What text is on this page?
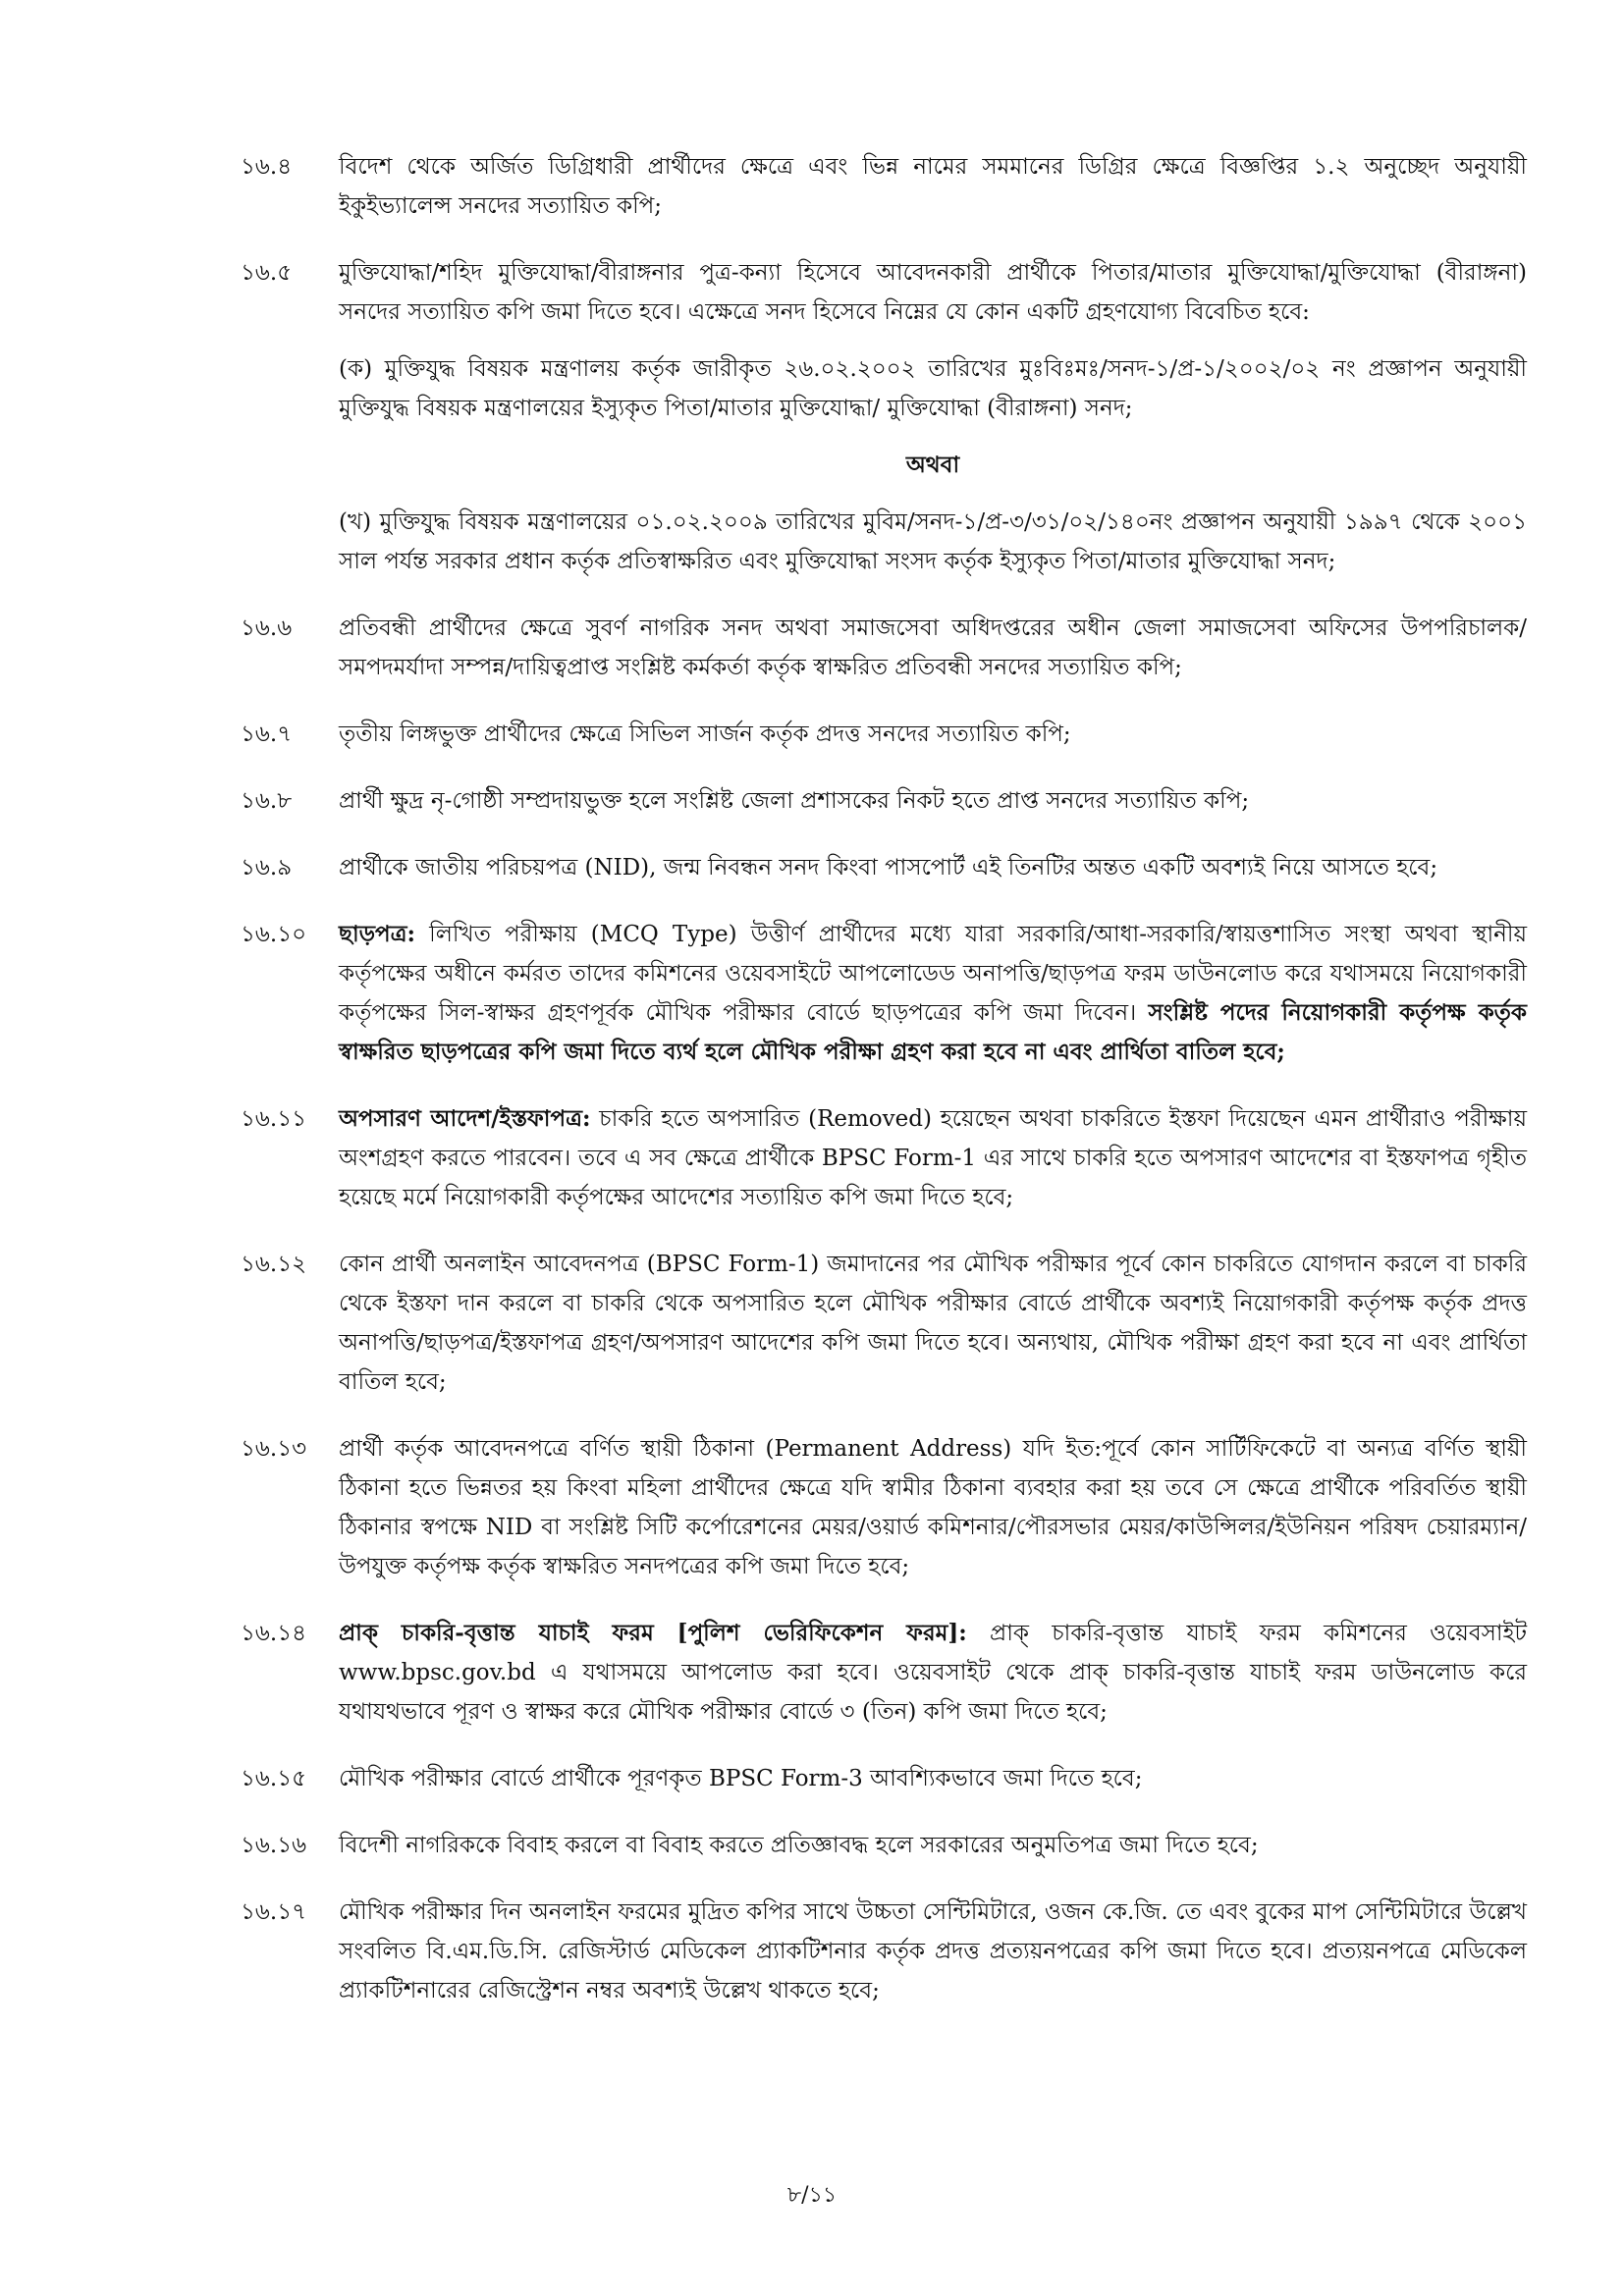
১৬.৪	বিদেশ থেকে অর্জিত ডিগ্রিধারী প্রার্থীদের ক্ষেত্রে এবং ভিন্ন নামের সমমানের ডিগ্রির ক্ষেত্রে বিজ্ঞপ্তির ১.২ অনুচ্ছেদ অনুযায়ী ইকুইভ্যালেন্স সনদের সত্যায়িত কপি;
১৬.৫	মুক্তিযোদ্ধা/শহিদ মুক্তিযোদ্ধা/বীরাঙ্গনার পুত্র-কন্যা হিসেবে আবেদনকারী প্রার্থীকে পিতার/মাতার মুক্তিযোদ্ধা/মুক্তিযোদ্ধা (বীরাঙ্গনা) সনদের সত্যায়িত কপি জমা দিতে হবে। এক্ষেত্রে সনদ হিসেবে নিম্নের যে কোন একটি গ্রহণযোগ্য বিবেচিত হবে:
(ক) মুক্তিযুদ্ধ বিষয়ক মন্ত্রণালয় কর্তৃক জারীকৃত ২৬.০২.২০০২ তারিখের মুঃবিঃমঃ/সনদ-১/প্র-১/২০০২/০২ নং প্রজ্ঞাপন অনুযায়ী মুক্তিযুদ্ধ বিষয়ক মন্ত্রণালয়ের ইস্যুকৃত পিতা/মাতার মুক্তিযোদ্ধা/ মুক্তিযোদ্ধা (বীরাঙ্গনা) সনদ;
অথবা
(খ) মুক্তিযুদ্ধ বিষয়ক মন্ত্রণালয়ের ০১.০২.২০০৯ তারিখের মুবিম/সনদ-১/প্র-৩/৩১/০২/১৪০নং প্রজ্ঞাপন অনুযায়ী ১৯৯৭ থেকে ২০০১ সাল পর্যন্ত সরকার প্রধান কর্তৃক প্রতিস্বাক্ষরিত এবং মুক্তিযোদ্ধা সংসদ কর্তৃক ইস্যুকৃত পিতা/মাতার মুক্তিযোদ্ধা সনদ;
১৬.৬	প্রতিবন্ধী প্রার্থীদের ক্ষেত্রে সুবর্ণ নাগরিক সনদ অথবা সমাজসেবা অধিদপ্তরের অধীন জেলা সমাজসেবা অফিসের উপপরিচালক/সমপদমর্যাদা সম্পন্ন/দায়িত্বপ্রাপ্ত সংশ্লিষ্ট কর্মকর্তা কর্তৃক স্বাক্ষরিত প্রতিবন্ধী সনদের সত্যায়িত কপি;
১৬.৭	তৃতীয় লিঙ্গভুক্ত প্রার্থীদের ক্ষেত্রে সিভিল সার্জন কর্তৃক প্রদত্ত সনদের সত্যায়িত কপি;
১৬.৮	প্রার্থী ক্ষুদ্র নৃ-গোষ্ঠী সম্প্রদায়ভুক্ত হলে সংশ্লিষ্ট জেলা প্রশাসকের নিকট হতে প্রাপ্ত সনদের সত্যায়িত কপি;
১৬.৯	প্রার্থীকে জাতীয় পরিচয়পত্র (NID), জন্ম নিবন্ধন সনদ কিংবা পাসপোর্ট এই তিনটির অন্তত একটি অবশ্যই নিয়ে আসতে হবে;
১৬.১০	ছাড়পত্র: লিখিত পরীক্ষায় (MCQ Type) উত্তীর্ণ প্রার্থীদের মধ্যে যারা সরকারি/আধা-সরকারি/স্বায়ত্তশাসিত সংস্থা অথবা স্থানীয় কর্তৃপক্ষের অধীনে কর্মরত তাদের কমিশনের ওয়েবসাইটে আপলোডেড অনাপত্তি/ছাড়পত্র ফরম ডাউনলোড করে যথাসময়ে নিয়োগকারী কর্তৃপক্ষের সিল-স্বাক্ষর গ্রহণপূর্বক মৌখিক পরীক্ষার বোর্ডে ছাড়পত্রের কপি জমা দিবেন। সংশ্লিষ্ট পদের নিয়োগকারী কর্তৃপক্ষ কর্তৃক স্বাক্ষরিত ছাড়পত্রের কপি জমা দিতে ব্যর্থ হলে মৌখিক পরীক্ষা গ্রহণ করা হবে না এবং প্রার্থিতা বাতিল হবে;
১৬.১১	অপসারণ আদেশ/ইস্তফাপত্র: চাকরি হতে অপসারিত (Removed) হয়েছেন অথবা চাকরিতে ইস্তফা দিয়েছেন এমন প্রার্থীরাও পরীক্ষায় অংশগ্রহণ করতে পারবেন। তবে এ সব ক্ষেত্রে প্রার্থীকে BPSC Form-1 এর সাথে চাকরি হতে অপসারণ আদেশের বা ইস্তফাপত্র গৃহীত হয়েছে মর্মে নিয়োগকারী কর্তৃপক্ষের আদেশের সত্যায়িত কপি জমা দিতে হবে;
১৬.১২	কোন প্রার্থী অনলাইন আবেদনপত্র (BPSC Form-1) জমাদানের পর মৌখিক পরীক্ষার পূর্বে কোন চাকরিতে যোগদান করলে বা চাকরি থেকে ইস্তফা দান করলে বা চাকরি থেকে অপসারিত হলে মৌখিক পরীক্ষার বোর্ডে প্রার্থীকে অবশ্যই নিয়োগকারী কর্তৃপক্ষ কর্তৃক প্রদত্ত অনাপত্তি/ছাড়পত্র/ইস্তফাপত্র গ্রহণ/অপসারণ আদেশের কপি জমা দিতে হবে। অন্যথায়, মৌখিক পরীক্ষা গ্রহণ করা হবে না এবং প্রার্থিতা বাতিল হবে;
১৬.১৩	প্রার্থী কর্তৃক আবেদনপত্রে বর্ণিত স্থায়ী ঠিকানা (Permanent Address) যদি ইত:পূর্বে কোন সার্টিফিকেটে বা অন্যত্র বর্ণিত স্থায়ী ঠিকানা হতে ভিন্নতর হয় কিংবা মহিলা প্রার্থীদের ক্ষেত্রে যদি স্বামীর ঠিকানা ব্যবহার করা হয় তবে সে ক্ষেত্রে প্রার্থীকে পরিবর্তিত স্থায়ী ঠিকানার স্বপক্ষে NID বা সংশ্লিষ্ট সিটি কর্পোরেশনের মেয়র/ওয়ার্ড কমিশনার/পৌরসভার মেয়র/কাউন্সিলর/ইউনিয়ন পরিষদ চেয়ারম্যান/উপযুক্ত কর্তৃপক্ষ কর্তৃক স্বাক্ষরিত সনদপত্রের কপি জমা দিতে হবে;
১৬.১৪	প্রাক্ চাকরি-বৃত্তান্ত যাচাই ফরম [পুলিশ ভেরিফিকেশন ফরম]: প্রাক্ চাকরি-বৃত্তান্ত যাচাই ফরম কমিশনের ওয়েবসাইট www.bpsc.gov.bd এ যথাসময়ে আপলোড করা হবে। ওয়েবসাইট থেকে প্রাক্ চাকরি-বৃত্তান্ত যাচাই ফরম ডাউনলোড করে যথাযথভাবে পূরণ ও স্বাক্ষর করে মৌখিক পরীক্ষার বোর্ডে ৩ (তিন) কপি জমা দিতে হবে;
১৬.১৫	মৌখিক পরীক্ষার বোর্ডে প্রার্থীকে পূরণকৃত BPSC Form-3 আবশ্যিকভাবে জমা দিতে হবে;
১৬.১৬	বিদেশী নাগরিককে বিবাহ করলে বা বিবাহ করতে প্রতিজ্ঞাবদ্ধ হলে সরকারের অনুমতিপত্র জমা দিতে হবে;
১৬.১৭	মৌখিক পরীক্ষার দিন অনলাইন ফরমের মুদ্রিত কপির সাথে উচ্চতা সেন্টিমিটারে, ওজন কে.জি. তে এবং বুকের মাপ সেন্টিমিটারে উল্লেখ সংবলিত বি.এম.ডি.সি. রেজিস্টার্ড মেডিকেল প্র্যাকটিশনার কর্তৃক প্রদত্ত প্রত্যয়নপত্রের কপি জমা দিতে হবে। প্রত্যয়নপত্রে মেডিকেল প্র্যাকটিশনারের রেজিস্ট্রেশন নম্বর অবশ্যই উল্লেখ থাকতে হবে;
৮/১১
